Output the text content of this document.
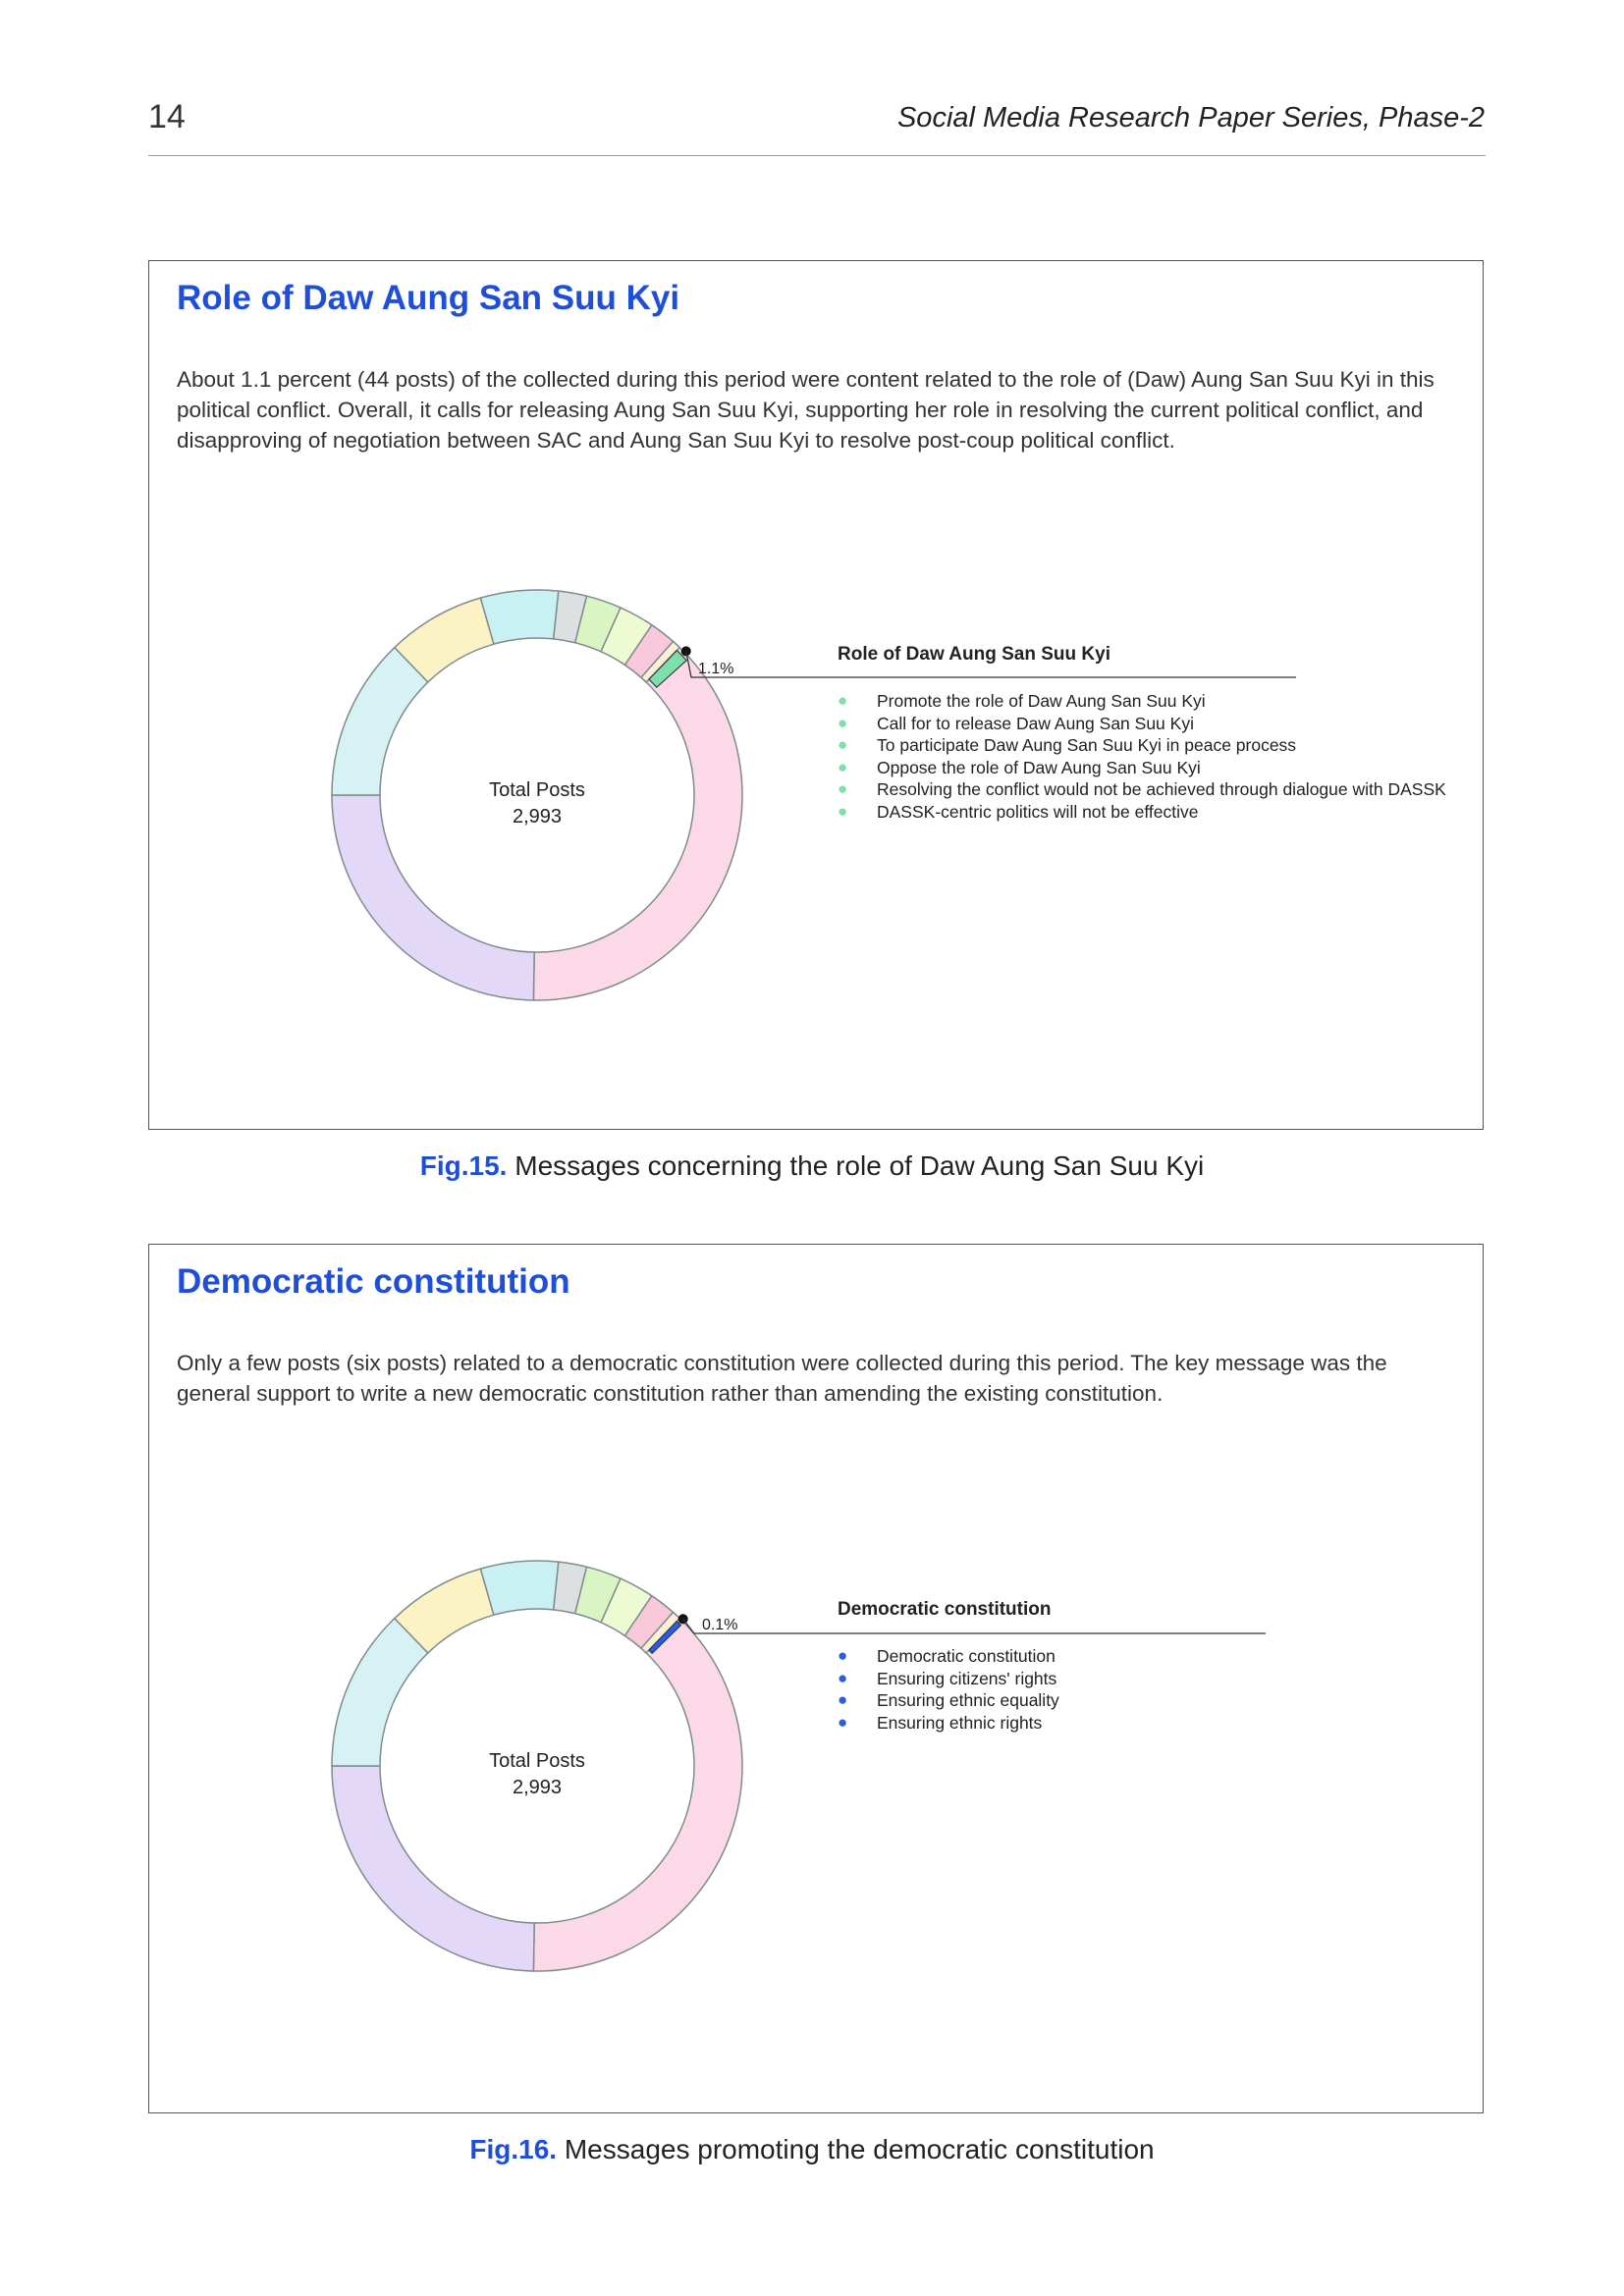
14	Social Media Research Paper Series, Phase-2
Role of Daw Aung San Suu Kyi

About 1.1 percent (44 posts) of the collected during this period were content related to the role of (Daw) Aung San Suu Kyi in this political conflict. Overall, it calls for releasing Aung San Suu Kyi, supporting her role in resolving the current political conflict, and disapproving of negotiation between SAC and Aung San Suu Kyi to resolve post-coup political conflict.

Total Posts
2,993
1.1%
Role of Daw Aung San Suu Kyi
● Promote the role of Daw Aung San Suu Kyi
● Call for to release Daw Aung San Suu Kyi
● To participate Daw Aung San Suu Kyi in peace process
● Oppose the role of Daw Aung San Suu Kyi
● Resolving the conflict would not be achieved through dialogue with DASSK
● DASSK-centric politics will not be effective
Fig.15. Messages concerning the role of Daw Aung San Suu Kyi
Democratic constitution

Only a few posts (six posts) related to a democratic constitution were collected during this period. The key message was the general support to write a new democratic constitution rather than amending the existing constitution.

Total Posts
2,993
0.1%
Democratic constitution
● Democratic constitution
● Ensuring citizens' rights
● Ensuring ethnic equality
● Ensuring ethnic rights
Fig.16. Messages promoting the democratic constitution
